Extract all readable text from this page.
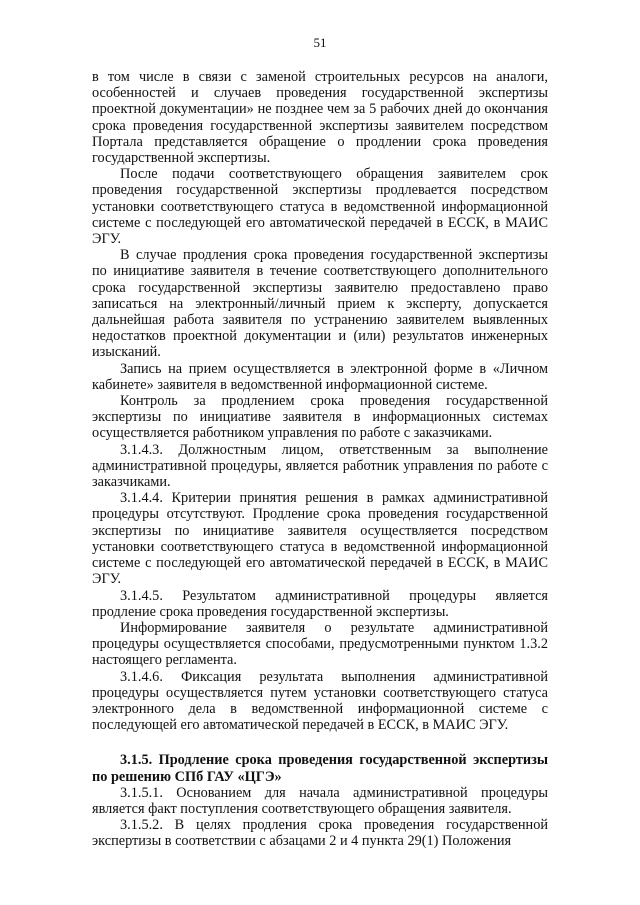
51

в том числе в связи с заменой строительных ресурсов на аналоги, особенностей и случаев проведения государственной экспертизы проектной документации» не позднее чем за 5 рабочих дней до окончания срока проведения государственной экспертизы заявителем посредством Портала представляется обращение о продлении срока проведения государственной экспертизы.

После подачи соответствующего обращения заявителем срок проведения государственной экспертизы продлевается посредством установки соответствующего статуса в ведомственной информационной системе с последующей его автоматической передачей в ЕССК, в МАИС ЭГУ.

В случае продления срока проведения государственной экспертизы по инициативе заявителя в течение соответствующего дополнительного срока государственной экспертизы заявителю предоставлено право записаться на электронный/личный прием к эксперту, допускается дальнейшая работа заявителя по устранению заявителем выявленных недостатков проектной документации и (или) результатов инженерных изысканий.

Запись на прием осуществляется в электронной форме в «Личном кабинете» заявителя в ведомственной информационной системе.

Контроль за продлением срока проведения государственной экспертизы по инициативе заявителя в информационных системах осуществляется работником управления по работе с заказчиками.

3.1.4.3. Должностным лицом, ответственным за выполнение административной процедуры, является работник управления по работе с заказчиками.

3.1.4.4. Критерии принятия решения в рамках административной процедуры отсутствуют. Продление срока проведения государственной экспертизы по инициативе заявителя осуществляется посредством установки соответствующего статуса в ведомственной информационной системе с последующей его автоматической передачей в ЕССК, в МАИС ЭГУ.

3.1.4.5. Результатом административной процедуры является продление срока проведения государственной экспертизы.

Информирование заявителя о результате административной процедуры осуществляется способами, предусмотренными пунктом 1.3.2 настоящего регламента.

3.1.4.6. Фиксация результата выполнения административной процедуры осуществляется путем установки соответствующего статуса электронного дела в ведомственной информационной системе с последующей его автоматической передачей в ЕССК, в МАИС ЭГУ.

3.1.5. Продление срока проведения государственной экспертизы по решению СПб ГАУ «ЦГЭ»

3.1.5.1. Основанием для начала административной процедуры является факт поступления соответствующего обращения заявителя.

3.1.5.2. В целях продления срока проведения государственной экспертизы в соответствии с абзацами 2 и 4 пункта 29(1) Положения
